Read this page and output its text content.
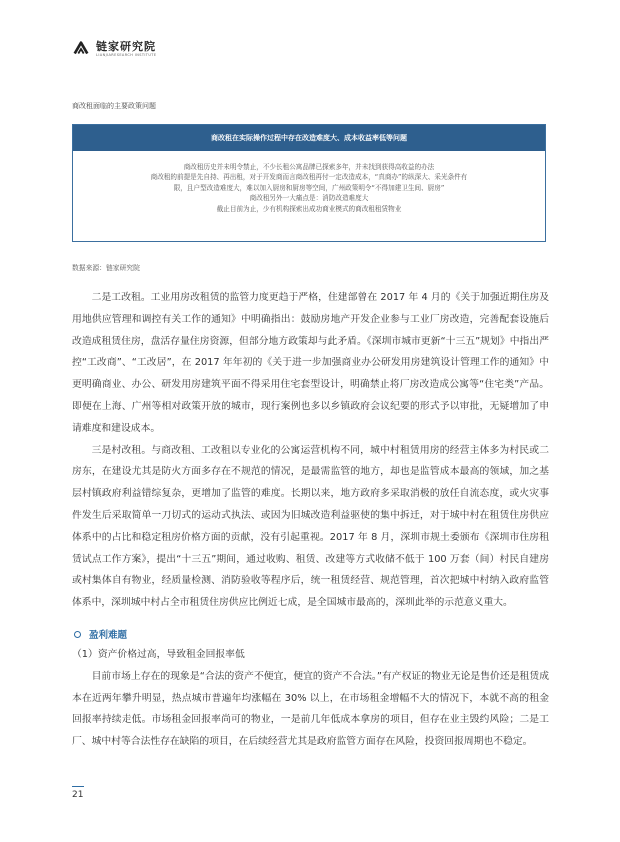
链家研究院
LIANJIARESEARCH INSTITUTE
商改租面临的主要政策问题
商改租在实际操作过程中存在改造难度大、成本收益率低等问题
商改租历史并未明令禁止，不少长租公寓品牌已探索多年，并未找到获得高收益的办法
商改租的前提是先自持、再出租，对于开发商而言商改租再付一定改造成本，“真商办”的纵深大、采光条件有
限，且户型改造难度大，难以加入厨房和厨房等空间，广州政策明令“不得加建卫生间、厨房”
商改租另外一大痛点是：消防改造难度大
截止目前为止，少有机构探索出成功商业模式的商改租租赁物业
数据来源：链家研究院

二是工改租。工业用房改租赁的监管力度更趋于严格，住建部曾在 2017 年 4 月的《关于加强近期住房及用地供应管理和调控有关工作的通知》中明确指出：鼓励房地产开发企业参与工业厂房改造，完善配套设施后改造成租赁住房，盘活存量住房资源，但部分地方政策却与此矛盾。《深圳市城市更新“十三五”规划》中指出严控“工改商”、“工改居”，在 2017 年年初的《关于进一步加强商业办公研发用房建筑设计管理工作的通知》中更明确商业、办公、研发用房建筑平面不得采用住宅套型设计，明确禁止将厂房改造成公寓等“住宅类”产品。即便在上海、广州等相对政策开放的城市，现行案例也多以乡镇政府会议纪要的形式予以审批，无疑增加了申请难度和建设成本。

三是村改租。与商改租、工改租以专业化的公寓运营机构不同，城中村租赁用房的经营主体多为村民或二房东，在建设尤其是防火方面多存在不规范的情况，是最需监管的地方，却也是监管成本最高的领域，加之基层村镇政府利益错综复杂，更增加了监管的难度。长期以来，地方政府多采取消极的放任自流态度，或火灾事件发生后采取简单一刀切式的运动式执法、或因为旧城改造利益驱使的集中拆迁，对于城中村在租赁住房供应体系中的占比和稳定租房价格方面的贡献，没有引起重视。2017 年 8 月，深圳市规土委颁布《深圳市住房租赁试点工作方案》，提出“十三五”期间，通过收购、租赁、改建等方式收储不低于 100 万套（间）村民自建房或村集体自有物业，经质量检测、消防验收等程序后，统一租赁经营、规范管理，首次把城中村纳入政府监管体系中，深圳城中村占全市租赁住房供应比例近七成，是全国城市最高的，深圳此举的示范意义重大。

盈利难题

（1）资产价格过高，导致租金回报率低

目前市场上存在的现象是“合法的资产不便宜，便宜的资产不合法。”有产权证的物业无论是售价还是租赁成本在近两年攀升明显，热点城市普遍年均涨幅在 30% 以上，在市场租金增幅不大的情况下，本就不高的租金回报率持续走低。市场租金回报率尚可的物业，一是前几年低成本拿房的项目，但存在业主毁约风险；二是工厂、城中村等合法性存在缺陷的项目，在后续经营尤其是政府监管方面存在风险，投资回报周期也不稳定。

21
